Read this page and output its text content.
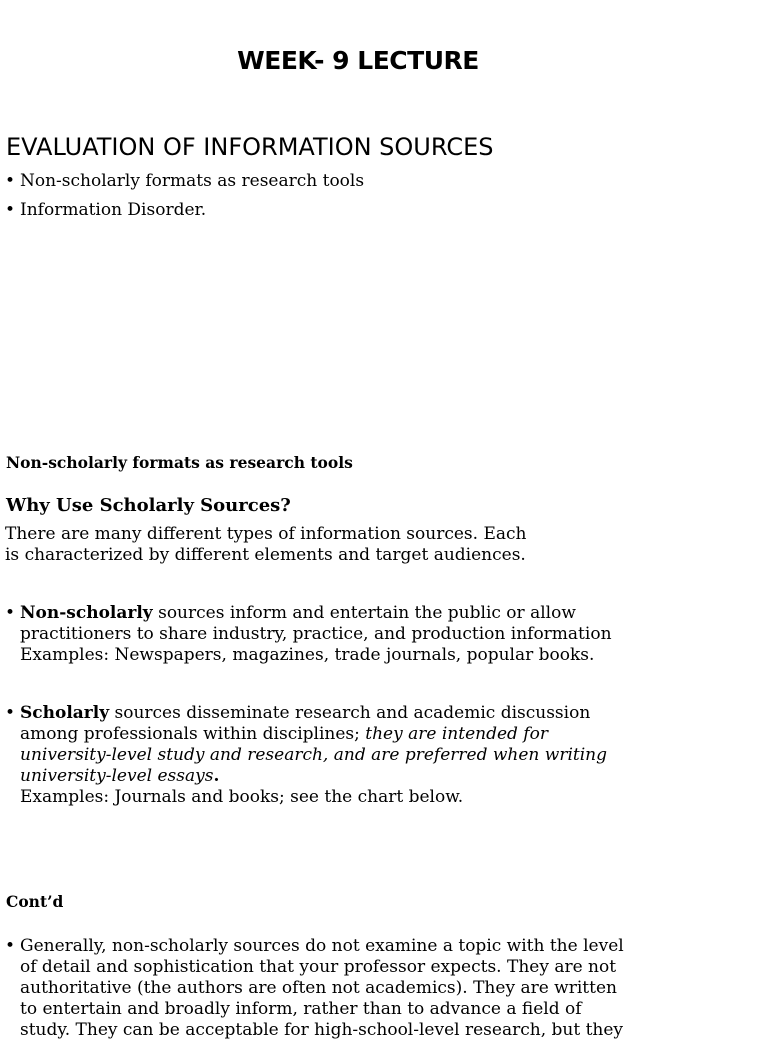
WEEK- 9 LECTURE
EVALUATION OF INFORMATION SOURCES
• Non-scholarly formats as research tools
• Information Disorder.
Non-scholarly formats as research tools
Why Use Scholarly Sources?
There are many different types of information sources. Each
is characterized by different elements and target audiences.
• Non-scholarly sources inform and entertain the public or allow
practitioners to share industry, practice, and production information
Examples: Newspapers, magazines, trade journals, popular books.
• Scholarly sources disseminate research and academic discussion
among professionals within disciplines; they are intended for
university-level study and research, and are preferred when writing
university-level essays.
Examples: Journals and books; see the chart below.
Cont’d
• Generally, non-scholarly sources do not examine a topic with the level
of detail and sophistication that your professor expects. They are not
authoritative (the authors are often not academics). They are written
to entertain and broadly inform, rather than to advance a field of
study. They can be acceptable for high-school-level research, but they
